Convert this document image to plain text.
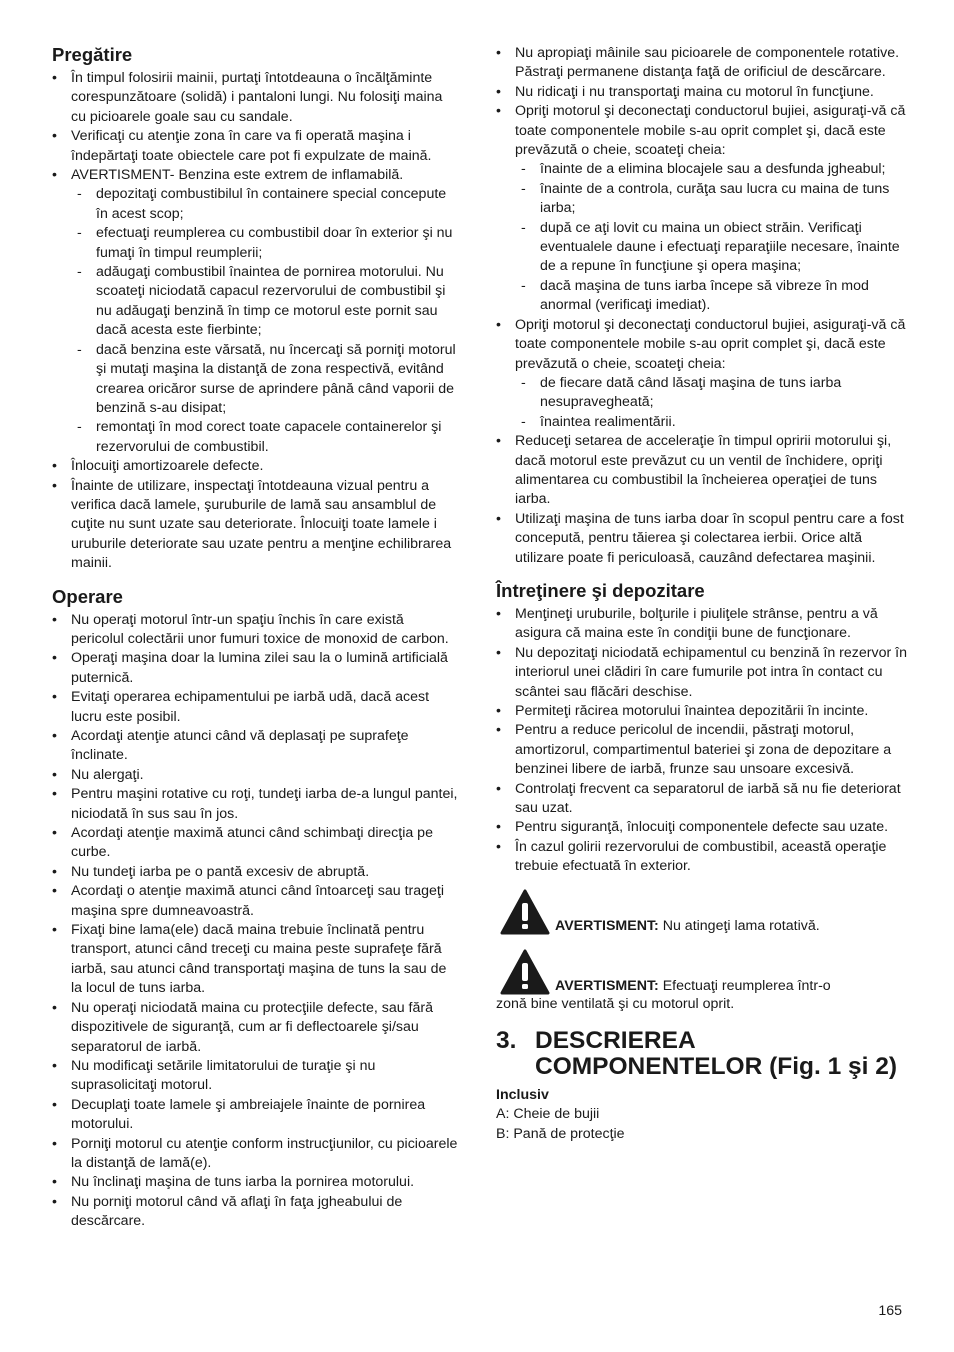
Pregătire
• În timpul folosirii mainii, purtaţi întotdeauna o încălţăminte corespunzătoare (solidă) i pantaloni lungi. Nu folosiţi maina cu picioarele goale sau cu sandale.
• Verificaţi cu atenţie zona în care va fi operată maşina i îndepărtaţi toate obiectele care pot fi expulzate de maină.
• AVERTISMENT- Benzina este extrem de inflamabilă.
- depozitaţi combustibilul în containere special concepute în acest scop;
- efectuaţi reumplerea cu combustibil doar în exterior şi nu fumaţi în timpul reumplerii;
- adăugaţi combustibil înaintea de pornirea motorului. Nu scoateţi niciodată capacul rezervorului de combustibil şi nu adăugaţi benzină în timp ce motorul este pornit sau dacă acesta este fierbinte;
- dacă benzina este vărsată, nu încercaţi să porniţi motorul şi mutaţi maşina la distanţă de zona respectivă, evitând crearea oricăror surse de aprindere până când vaporii de benzină s-au disipat;
- remontaţi în mod corect toate capacele containerelor şi rezervorului de combustibil.
• Înlocuiţi amortizoarele defecte.
• Înainte de utilizare, inspectaţi întotdeauna vizual pentru a verifica dacă lamele, şuruburile de lamă sau ansamblul de cuţite nu sunt uzate sau deteriorate. Înlocuiţi toate lamele i uruburile deteriorate sau uzate pentru a menţine echilibrarea mainii.
Operare
• Nu operaţi motorul într-un spaţiu închis în care există pericolul colectării unor fumuri toxice de monoxid de carbon.
• Operaţi maşina doar la lumina zilei sau la o lumină artificială puternică.
• Evitaţi operarea echipamentului pe iarbă udă, dacă acest lucru este posibil.
• Acordaţi atenţie atunci când vă deplasaţi pe suprafeţe înclinate.
• Nu alergaţi.
• Pentru maşini rotative cu roţi, tundeţi iarba de-a lungul pantei, niciodată în sus sau în jos.
• Acordaţi atenţie maximă atunci când schimbaţi direcţia pe curbe.
• Nu tundeţi iarba pe o pantă excesiv de abruptă.
• Acordaţi o atenţie maximă atunci când întoarceţi sau trageţi maşina spre dumneavoastră.
• Fixaţi bine lama(ele) dacă maina trebuie înclinată pentru transport, atunci când treceţi cu maina peste suprafeţe fără iarbă, sau atunci când transportaţi maşina de tuns la sau de la locul de tuns iarba.
• Nu operaţi niciodată maina cu protecţiile defecte, sau fără dispozitivele de siguranţă, cum ar fi deflectoarele şi/sau separatorul de iarbă.
• Nu modificaţi setările limitatorului de turaţie şi nu suprasolicitaţi motorul.
• Decuplaţi toate lamele şi ambreiajele înainte de pornirea motorului.
• Porniţi motorul cu atenţie conform instrucţiunilor, cu picioarele la distanţă de lamă(e).
• Nu înclinaţi maşina de tuns iarba la pornirea motorului.
• Nu porniţi motorul când vă aflaţi în faţa jgheabului de descărcare.
• Nu apropiaţi mâinile sau picioarele de componentele rotative. Păstraţi permanene distanţa faţă de orificiul de descărcare.
• Nu ridicaţi i nu transportaţi maina cu motorul în funcţiune.
• Opriţi motorul şi deconectaţi conductorul bujiei, asiguraţi-vă că toate componentele mobile s-au oprit complet şi, dacă este prevăzută o cheie, scoateţi cheia:
- înainte de a elimina blocajele sau a desfunda jgheabul;
- înainte de a controla, curăţa sau lucra cu maina de tuns iarba;
- după ce aţi lovit cu maina un obiect străin. Verificaţi eventualele daune i efectuaţi reparaţiile necesare, înainte de a repune în funcţiune şi opera maşina;
- dacă maşina de tuns iarba începe să vibreze în mod anormal (verificaţi imediat).
• Opriţi motorul şi deconectaţi conductorul bujiei, asiguraţi-vă că toate componentele mobile s-au oprit complet şi, dacă este prevăzută o cheie, scoateţi cheia:
- de fiecare dată când lăsaţi maşina de tuns iarba nesupravegheată;
- înaintea realimentării.
• Reduceţi setarea de acceleraţie în timpul opririi motorului şi, dacă motorul este prevăzut cu un ventil de închidere, opriţi alimentarea cu combustibil la încheierea operaţiei de tuns iarba.
• Utilizaţi maşina de tuns iarba doar în scopul pentru care a fost concepută, pentru tăierea şi colectarea ierbii. Orice altă utilizare poate fi periculoasă, cauzând defectarea maşinii.
Întreţinere şi depozitare
• Menţineţi uruburile, bolţurile i piuliţele strânse, pentru a vă asigura că maina este în condiţii bune de funcţionare.
• Nu depozitaţi niciodată echipamentul cu benzină în rezervor în interiorul unei clădiri în care fumurile pot intra în contact cu scântei sau flăcări deschise.
• Permiteţi răcirea motorului înaintea depozitării în incinte.
• Pentru a reduce pericolul de incendii, păstraţi motorul, amortizorul, compartimentul bateriei şi zona de depozitare a benzinei libere de iarbă, frunze sau unsoare excesivă.
• Controlaţi frecvent ca separatorul de iarbă să nu fie deteriorat sau uzat.
• Pentru siguranţă, înlocuiţi componentele defecte sau uzate.
• În cazul golirii rezervorului de combustibil, această operaţie trebuie efectuată în exterior.
AVERTISMENT: Nu atingeţi lama rotativă.
AVERTISMENT: Efectuaţi reumplerea într-o
zonă bine ventilată şi cu motorul oprit.
3. DESCRIEREA COMPONENTELOR (Fig. 1 şi 2)
Inclusiv
A: Cheie de bujii
B: Pană de protecţie
165
